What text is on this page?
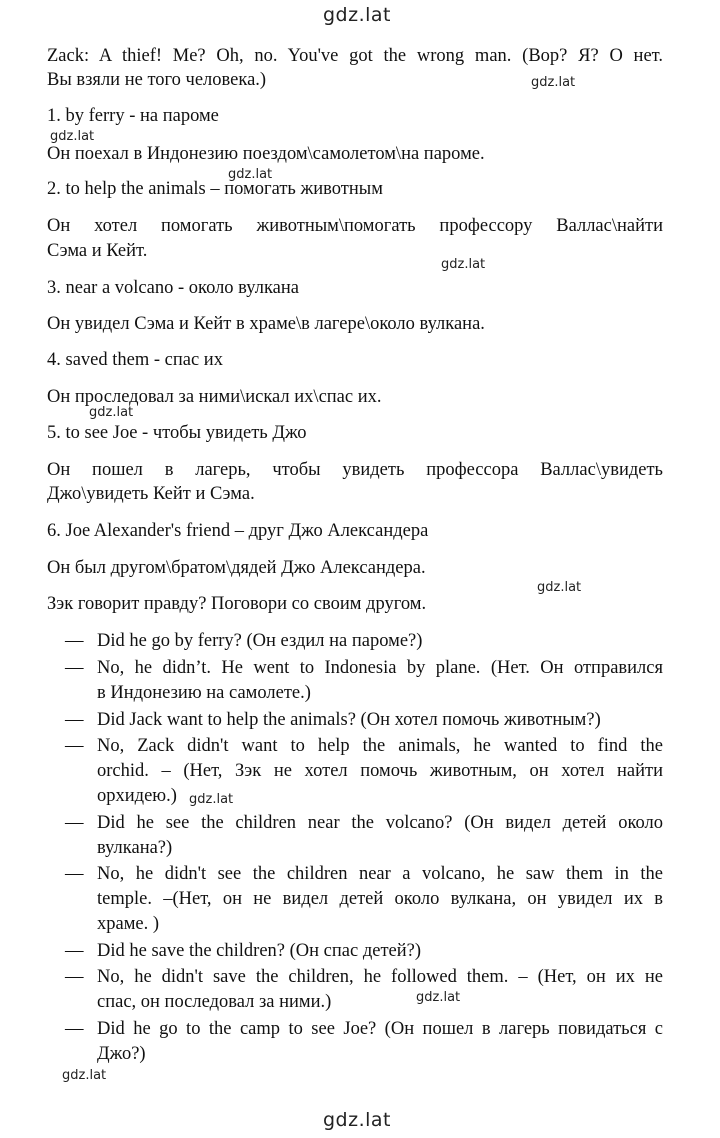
gdz.lat
gdz.lat
gdz.lat
gdz.lat
gdz.lat
gdz.lat
gdz.lat
gdz.lat
gdz.lat
gdz.lat
gdz.lat
Zack: A thief! Me? Oh, no. You've got the wrong man. (Вор? Я? О нет.
Вы взяли не того человека.)
1. by ferry - на пароме
Он поехал в Индонезию поездом\самолетом\на пароме.
2. to help the animals – помогать животным
Он хотел помогать животным\помогать профессору Валлас\найти
Сэма и Кейт.
3. near a volcano - около вулкана
Он увидел Сэма и Кейт в храме\в лагере\около вулкана.
4. saved them - спас их
Он проследовал за ними\искал их\спас их.
5. to see Joe - чтобы увидеть Джо
Он пошел в лагерь, чтобы увидеть профессора Валлас\увидеть
Джо\увидеть Кейт и Сэма.
6. Joe Alexander's friend – друг Джо Александера
Он был другом\братом\дядей Джо Александера.
Зэк говорит правду? Поговори со своим другом.
— Did he go by ferry? (Он ездил на пароме?)
— No, he didn’t. He went to Indonesia by plane. (Нет. Он отправился
в Индонезию на самолете.)
— Did Jack want to help the animals? (Он хотел помочь животным?)
— No, Zack didn't want to help the animals, he wanted to find the
orchid. – (Нет, Зэк не хотел помочь животным, он хотел найти
орхидею.)
— Did he see the children near the volcano? (Он видел детей около
вулкана?)
— No, he didn't see the children near a volcano, he saw them in the
temple. –(Нет, он не видел детей около вулкана, он увидел их в
храме. )
— Did he save the children? (Он спас детей?)
— No, he didn't save the children, he followed them. – (Нет, он их не
спас, он последовал за ними.)
— Did he go to the camp to see Joe? (Он пошел в лагерь повидаться с
Джо?)
